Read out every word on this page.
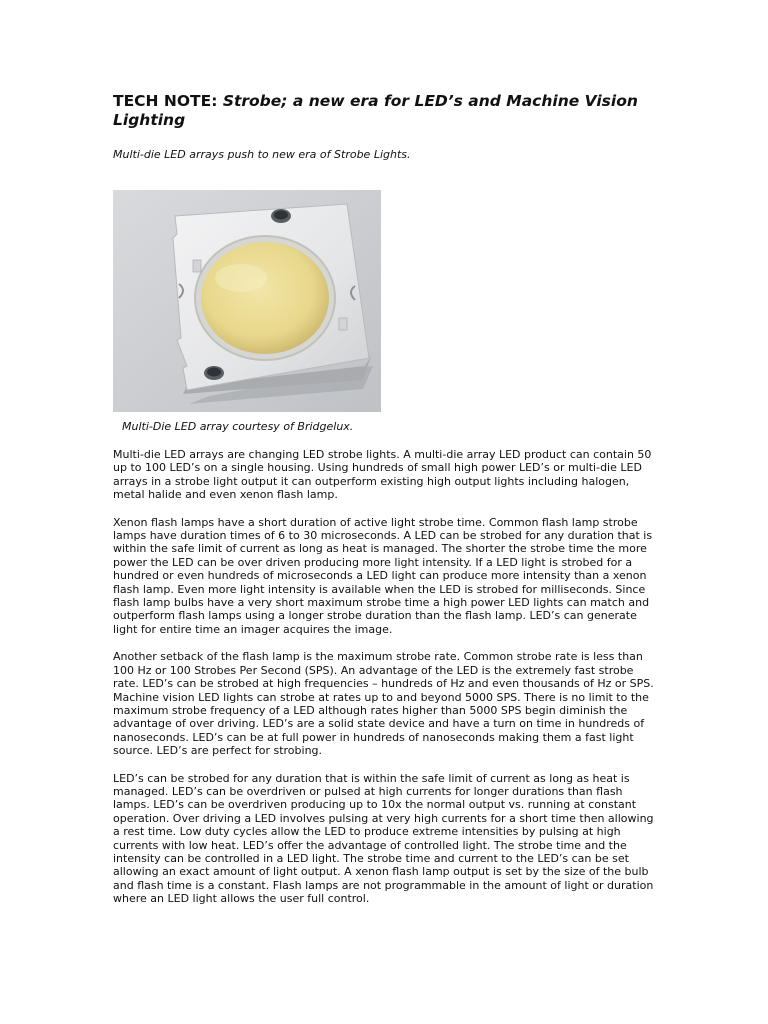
TECH NOTE: Strobe; a new era for LED’s and Machine Vision Lighting

Multi-die LED arrays push to new era of Strobe Lights.

Multi-Die LED array courtesy of Bridgelux.

Multi-die LED arrays are changing LED strobe lights. A multi-die array LED product can contain 50 up to 100 LED’s on a single housing. Using hundreds of small high power LED’s or multi-die LED arrays in a strobe light output it can outperform existing high output lights including halogen, metal halide and even xenon flash lamp.

Xenon flash lamps have a short duration of active light strobe time. Common flash lamp strobe lamps have duration times of 6 to 30 microseconds. A LED can be strobed for any duration that is within the safe limit of current as long as heat is managed. The shorter the strobe time the more power the LED can be over driven producing more light intensity. If a LED light is strobed for a hundred or even hundreds of microseconds a LED light can produce more intensity than a xenon flash lamp. Even more light intensity is available when the LED is strobed for milliseconds. Since flash lamp bulbs have a very short maximum strobe time a high power LED lights can match and outperform flash lamps using a longer strobe duration than the flash lamp. LED’s can generate light for entire time an imager acquires the image.

Another setback of the flash lamp is the maximum strobe rate. Common strobe rate is less than 100 Hz or 100 Strobes Per Second (SPS). An advantage of the LED is the extremely fast strobe rate. LED’s can be strobed at high frequencies – hundreds of Hz and even thousands of Hz or SPS. Machine vision LED lights can strobe at rates up to and beyond 5000 SPS. There is no limit to the maximum strobe frequency of a LED although rates higher than 5000 SPS begin diminish the advantage of over driving. LED’s are a solid state device and have a turn on time in hundreds of nanoseconds. LED’s can be at full power in hundreds of nanoseconds making them a fast light source. LED’s are perfect for strobing.

LED’s can be strobed for any duration that is within the safe limit of current as long as heat is managed. LED’s can be overdriven or pulsed at high currents for longer durations than flash lamps. LED’s can be overdriven producing up to 10x the normal output vs. running at constant operation. Over driving a LED involves pulsing at very high currents for a short time then allowing a rest time. Low duty cycles allow the LED to produce extreme intensities by pulsing at high currents with low heat. LED’s offer the advantage of controlled light. The strobe time and the intensity can be controlled in a LED light. The strobe time and current to the LED’s can be set allowing an exact amount of light output. A xenon flash lamp output is set by the size of the bulb and flash time is a constant. Flash lamps are not programmable in the amount of light or duration where an LED light allows the user full control.
